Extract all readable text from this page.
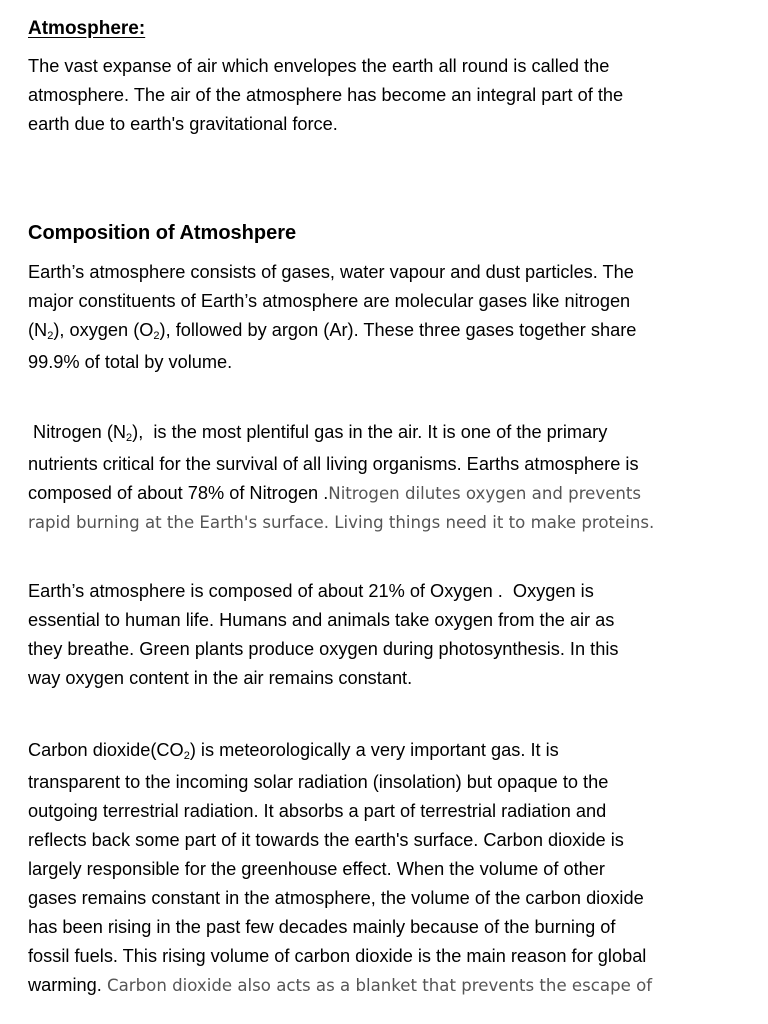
Atmosphere:

The vast expanse of air which envelopes the earth all round is called the
atmosphere. The air of the atmosphere has become an integral part of the
earth due to earth's gravitational force.

Composition of Atmoshpere

Earth’s atmosphere consists of gases, water vapour and dust particles. The
major constituents of Earth’s atmosphere are molecular gases like nitrogen
$(N_2)$, oxygen $(O_2)$, followed by argon (Ar). These three gases together share
99.9% of total by volume.

Nitrogen $(N_2)$,  is the most plentiful gas in the air. It is one of the primary
nutrients critical for the survival of all living organisms. Earths atmosphere is
composed of about 78% of Nitrogen .Nitrogen dilutes oxygen and prevents
rapid burning at the Earth's surface. Living things need it to make proteins.

Earth’s atmosphere is composed of about 21% of Oxygen .  Oxygen is
essential to human life. Humans and animals take oxygen from the air as
they breathe. Green plants produce oxygen during photosynthesis. In this
way oxygen content in the air remains constant.

Carbon $dioxide(CO_2)$ is meteorologically a very important gas. It is
transparent to the incoming solar radiation (insolation) but opaque to the
outgoing terrestrial radiation. It absorbs a part of terrestrial radiation and
reflects back some part of it towards the earth's surface. Carbon dioxide is
largely responsible for the greenhouse effect. When the volume of other
gases remains constant in the atmosphere, the volume of the carbon dioxide
has been rising in the past few decades mainly because of the burning of
fossil fuels. This rising volume of carbon dioxide is the main reason for global
warming. Carbon dioxide also acts as a blanket that prevents the escape of
